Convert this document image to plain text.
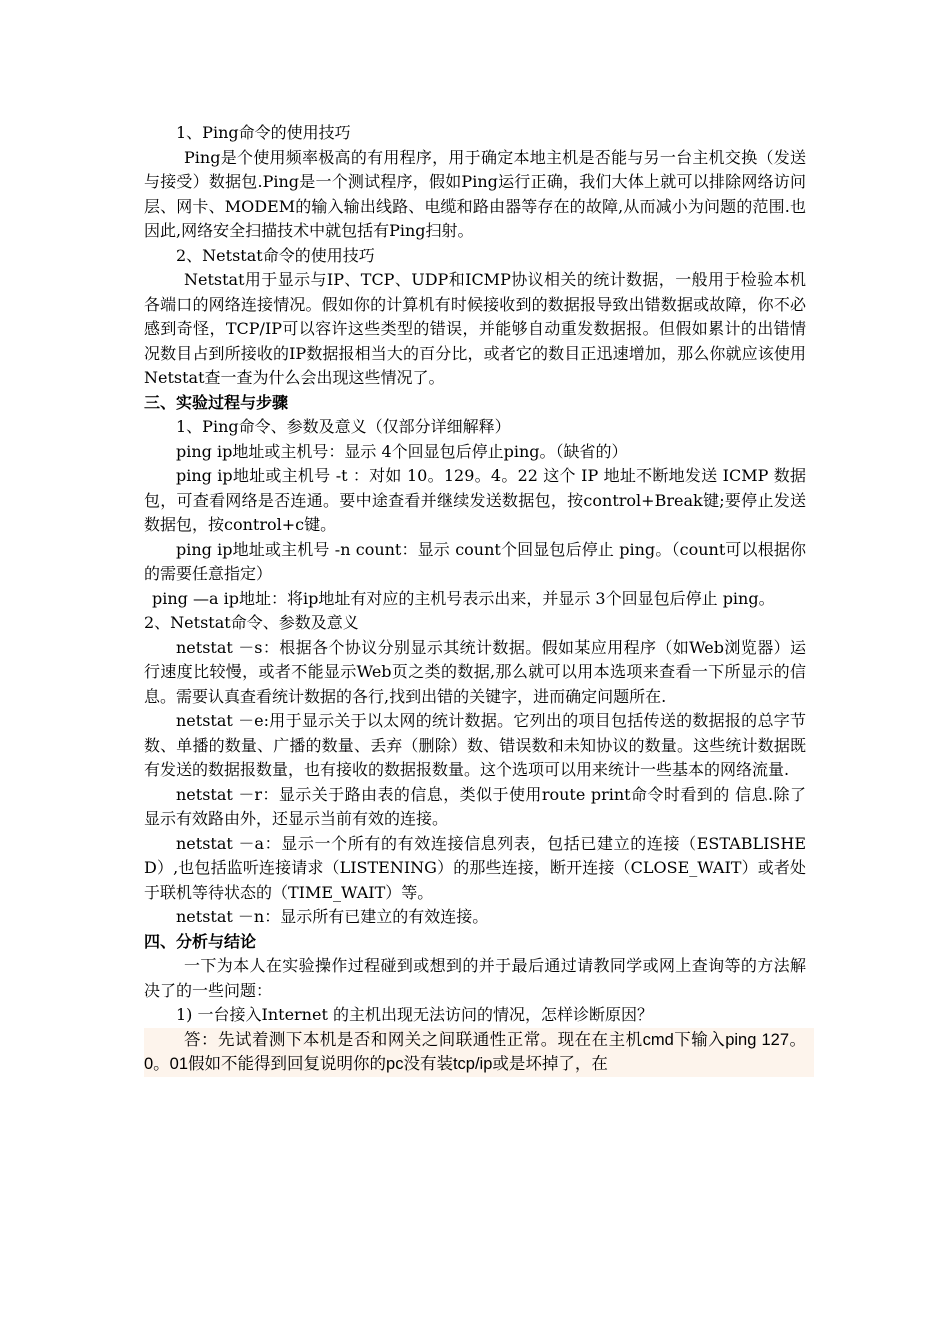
1、Ping命令的使用技巧

Ping是个使用频率极高的有用程序，用于确定本地主机是否能与另一台主机交换（发送与接受）数据包.Ping是一个测试程序，假如Ping运行正确，我们大体上就可以排除网络访问层、网卡、MODEM的输入输出线路、电缆和路由器等存在的故障,从而减小为问题的范围.也因此,网络安全扫描技术中就包括有Ping扫射。

2、Netstat命令的使用技巧

Netstat用于显示与IP、TCP、UDP和ICMP协议相关的统计数据，一般用于检验本机各端口的网络连接情况。假如你的计算机有时候接收到的数据报导致出错数据或故障，你不必感到奇怪，TCP/IP可以容许这些类型的错误，并能够自动重发数据报。但假如累计的出错情况数目占到所接收的IP数据报相当大的百分比，或者它的数目正迅速增加，那么你就应该使用Netstat查一查为什么会出现这些情况了。

三、实验过程与步骤

1、Ping命令、参数及意义（仅部分详细解释）

ping ip地址或主机号：显示 4个回显包后停止ping。（缺省的）

ping ip地址或主机号 -t ：对如 10。129。4。22 这个 IP 地址不断地发送 ICMP 数据包，可查看网络是否连通。要中途查看并继续发送数据包，按control+Break键;要停止发送数据包，按control+c键。

ping ip地址或主机号 -n count：显示 count个回显包后停止 ping。（count可以根据你的需要任意指定）

ping —a ip地址：将ip地址有对应的主机号表示出来，并显示 3个回显包后停止 ping。

2、Netstat命令、参数及意义

netstat －s：根据各个协议分别显示其统计数据。假如某应用程序（如Web浏览器）运行速度比较慢，或者不能显示Web页之类的数据,那么就可以用本选项来查看一下所显示的信息。需要认真查看统计数据的各行,找到出错的关键字，进而确定问题所在.

netstat －e:用于显示关于以太网的统计数据。它列出的项目包括传送的数据报的总字节数、单播的数量、广播的数量、丢弃（删除）数、错误数和未知协议的数量。这些统计数据既有发送的数据报数量，也有接收的数据报数量。这个选项可以用来统计一些基本的网络流量.

netstat －r：显示关于路由表的信息，类似于使用route print命令时看到的 信息.除了显示有效路由外，还显示当前有效的连接。

netstat －a：显示一个所有的有效连接信息列表，包括已建立的连接（ESTABLISHED）,也包括监听连接请求（LISTENING）的那些连接，断开连接（CLOSE_WAIT）或者处于联机等待状态的（TIME_WAIT）等。

netstat －n：显示所有已建立的有效连接。

四、分析与结论

一下为本人在实验操作过程碰到或想到的并于最后通过请教同学或网上查询等的方法解决了的一些问题：

1) 一台接入Internet 的主机出现无法访问的情况，怎样诊断原因？

答：先试着测下本机是否和网关之间联通性正常。现在在主机cmd下输入ping 127。0。01假如不能得到回复说明你的pc没有装tcp/ip或是坏掉了，在
